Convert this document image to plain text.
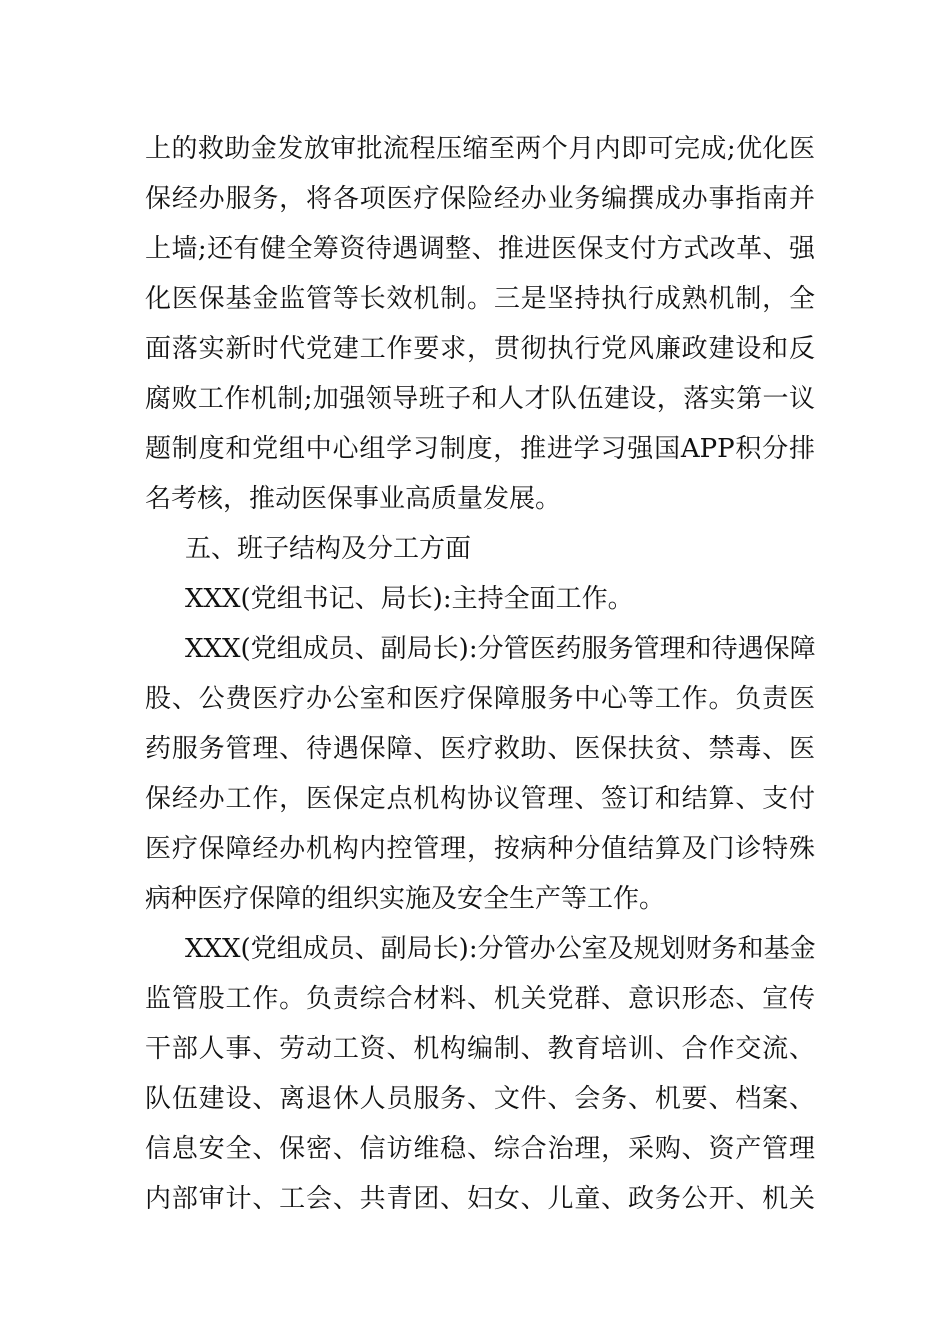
上的救助金发放审批流程压缩至两个月内即可完成;优化医
保经办服务，将各项医疗保险经办业务编撰成办事指南并
上墙;还有健全筹资待遇调整、推进医保支付方式改革、强
化医保基金监管等长效机制。三是坚持执行成熟机制，全
面落实新时代党建工作要求，贯彻执行党风廉政建设和反
腐败工作机制;加强领导班子和人才队伍建设，落实第一议
题制度和党组中心组学习制度，推进学习强国APP积分排
名考核，推动医保事业高质量发展。
五、班子结构及分工方面
XXX(党组书记、局长):主持全面工作。
XXX(党组成员、副局长):分管医药服务管理和待遇保障
股、公费医疗办公室和医疗保障服务中心等工作。负责医
药服务管理、待遇保障、医疗救助、医保扶贫、禁毒、医
保经办工作，医保定点机构协议管理、签订和结算、支付
医疗保障经办机构内控管理，按病种分值结算及门诊特殊
病种医疗保障的组织实施及安全生产等工作。
XXX(党组成员、副局长):分管办公室及规划财务和基金
监管股工作。负责综合材料、机关党群、意识形态、宣传
干部人事、劳动工资、机构编制、教育培训、合作交流、
队伍建设、离退休人员服务、文件、会务、机要、档案、
信息安全、保密、信访维稳、综合治理，采购、资产管理
内部审计、工会、共青团、妇女、儿童、政务公开、机关
